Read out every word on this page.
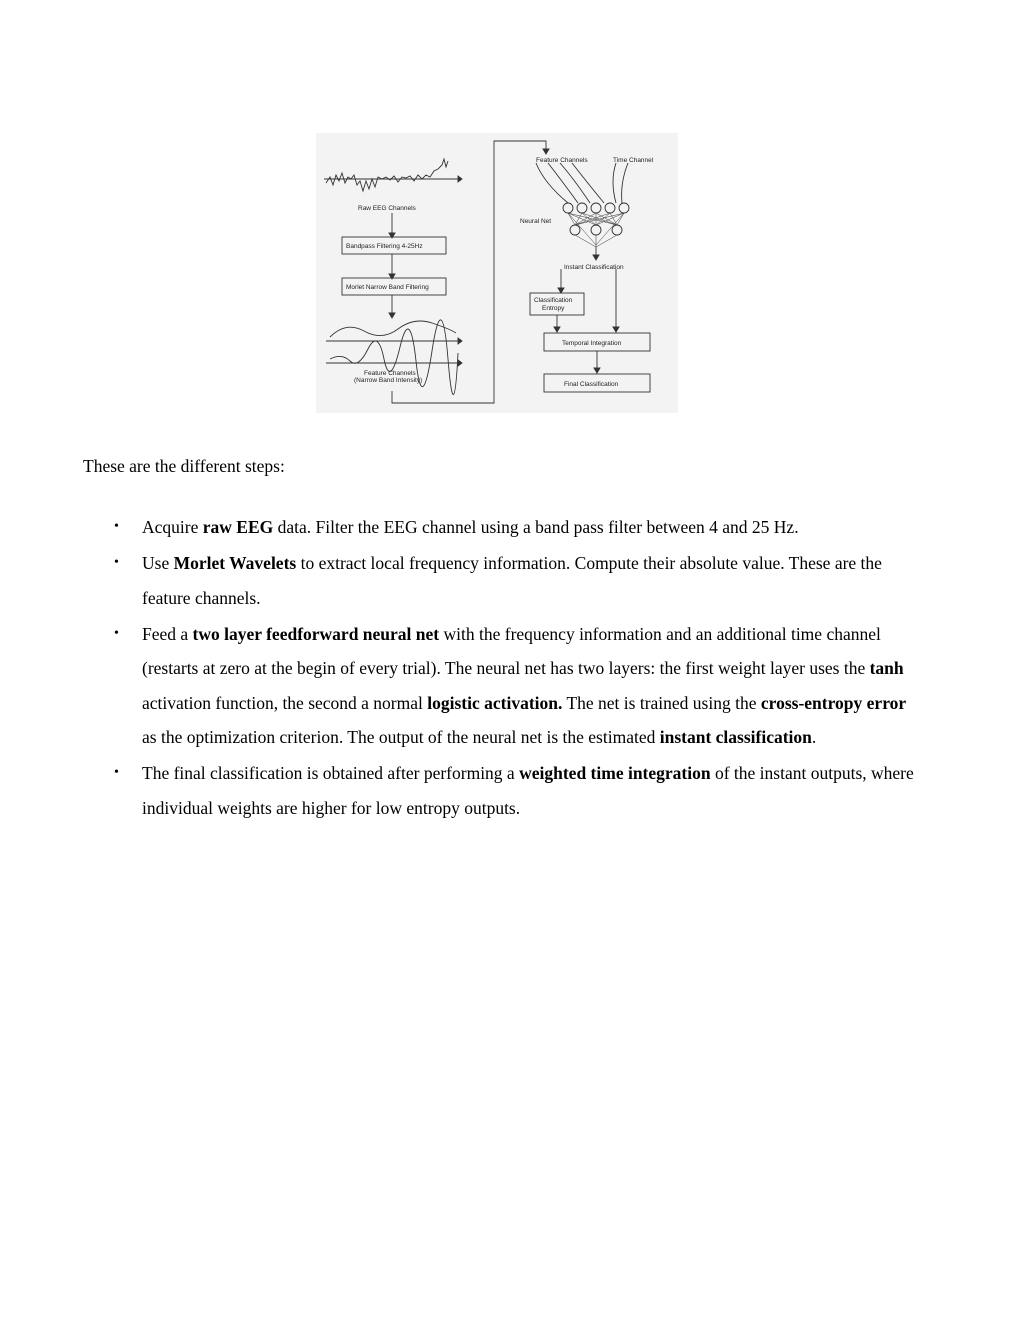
Raw EEG Channels
Bandpass Filtering 4-25Hz
Morlet Narrow Band Filtering
Feature Channels
(Narrow Band Intensity)
Feature Channels	Time Channel
Neural Net
Instant Classification
Classification
Entropy
Temporal Integration
Final Classification

These are the different steps:

• Acquire raw EEG data. Filter the EEG channel using a band pass filter between 4 and 25 Hz.
• Use Morlet Wavelets to extract local frequency information. Compute their absolute value. These are the feature channels.
• Feed a two layer feedforward neural net with the frequency information and an additional time channel (restarts at zero at the begin of every trial). The neural net has two layers: the first weight layer uses the tanh activation function, the second a normal logistic activation. The net is trained using the cross-entropy error as the optimization criterion. The output of the neural net is the estimated instant classification.
• The final classification is obtained after performing a weighted time integration of the instant outputs, where individual weights are higher for low entropy outputs.
